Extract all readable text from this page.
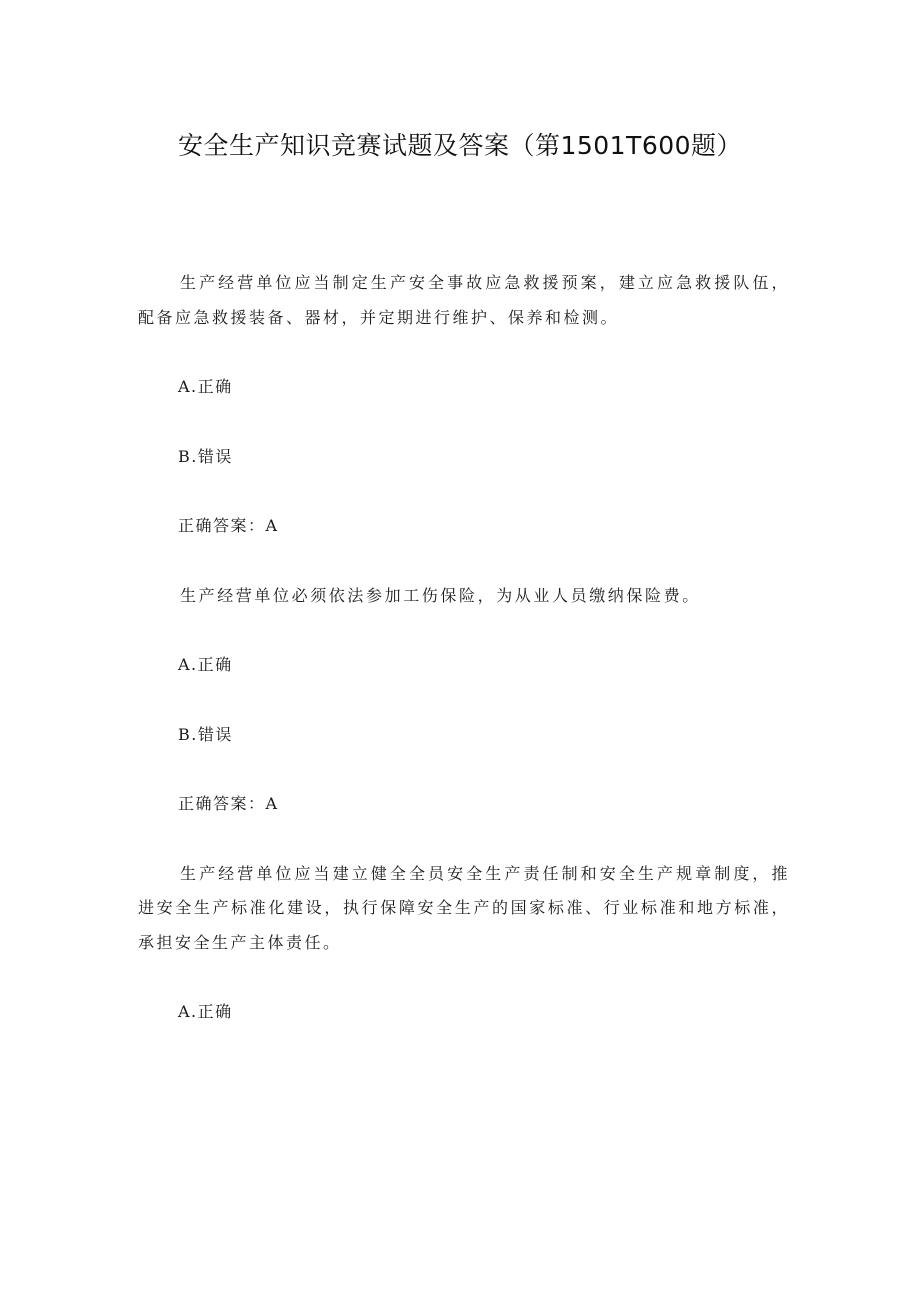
安全生产知识竞赛试题及答案（第1501T600题）

生产经营单位应当制定生产安全事故应急救援预案，建立应急救援队伍，配备应急救援装备、器材，并定期进行维护、保养和检测。

A.正确

B.错误

正确答案：A

生产经营单位必须依法参加工伤保险，为从业人员缴纳保险费。

A.正确

B.错误

正确答案：A

生产经营单位应当建立健全全员安全生产责任制和安全生产规章制度，推进安全生产标准化建设，执行保障安全生产的国家标准、行业标准和地方标准，承担安全生产主体责任。

A.正确
